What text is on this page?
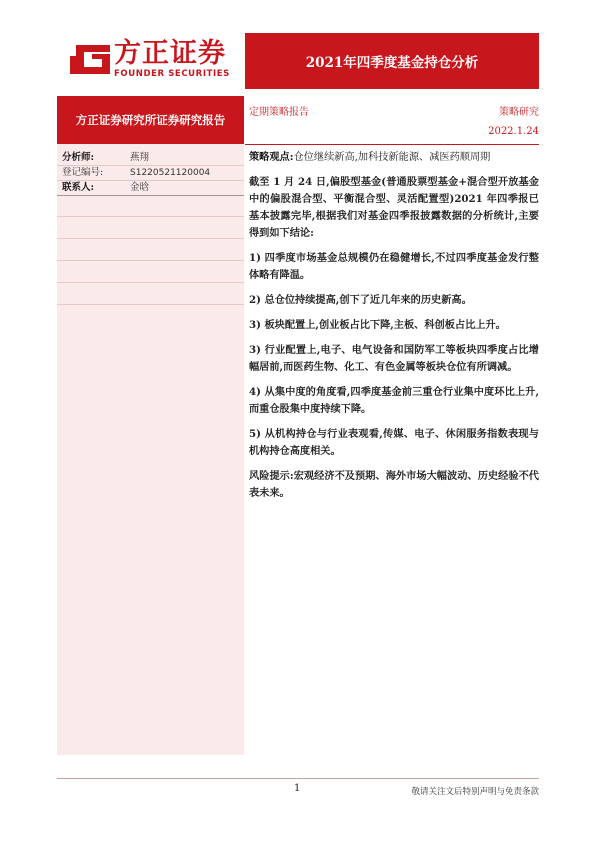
方正证券
FOUNDER SECURITIES
2021年四季度基金持仓分析
方正证券研究所证券研究报告
分析师:	燕翔
登记编号:	S1220521120004
联系人:	金晗
定期策略报告	策略研究
2022.1.24

策略观点:仓位继续新高,加科技新能源、减医药顺周期

截至 1 月 24 日,偏股型基金(普通股票型基金+混合型开放基金中的偏股混合型、平衡混合型、灵活配置型)2021 年四季报已基本披露完毕,根据我们对基金四季报披露数据的分析统计,主要得到如下结论:

1) 四季度市场基金总规模仍在稳健增长,不过四季度基金发行整体略有降温。

2) 总仓位持续提高,创下了近几年来的历史新高。

3) 板块配置上,创业板占比下降,主板、科创板占比上升。

3) 行业配置上,电子、电气设备和国防军工等板块四季度占比增幅居前,而医药生物、化工、有色金属等板块仓位有所调减。

4) 从集中度的角度看,四季度基金前三重仓行业集中度环比上升,而重仓股集中度持续下降。

5) 从机构持仓与行业表观看,传媒、电子、休闲服务指数表现与机构持仓高度相关。

风险提示:宏观经济不及预期、海外市场大幅波动、历史经验不代表未来。

1	敬请关注文后特别声明与免责条款
